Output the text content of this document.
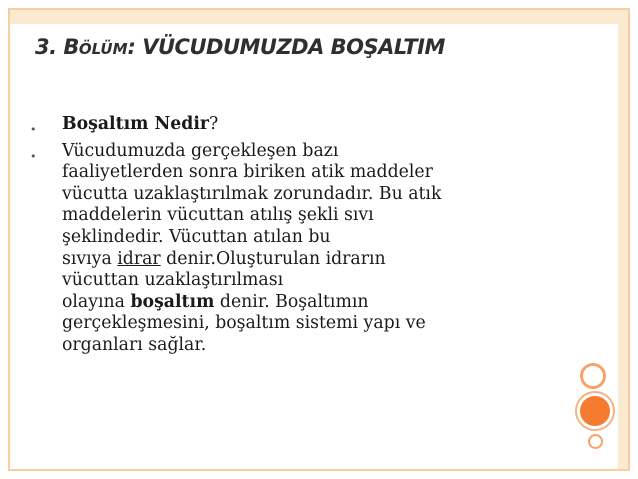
3. BÖLÜM: VÜCUDUMUZDA BOŞALTIM
• Boşaltım Nedir?
• Vücudumuzda gerçekleşen bazı
faaliyetlerden sonra biriken atik maddeler
vücutta uzaklaştırılmak zorundadır. Bu atık
maddelerin vücuttan atılış şekli sıvı
şeklindedir. Vücuttan atılan bu
sıvıya idrar denir.Oluşturulan idrarın
vücuttan uzaklaştırılması
olayına boşaltım denir. Boşaltımın
gerçekleşmesini, boşaltım sistemi yapı ve
organları sağlar.
